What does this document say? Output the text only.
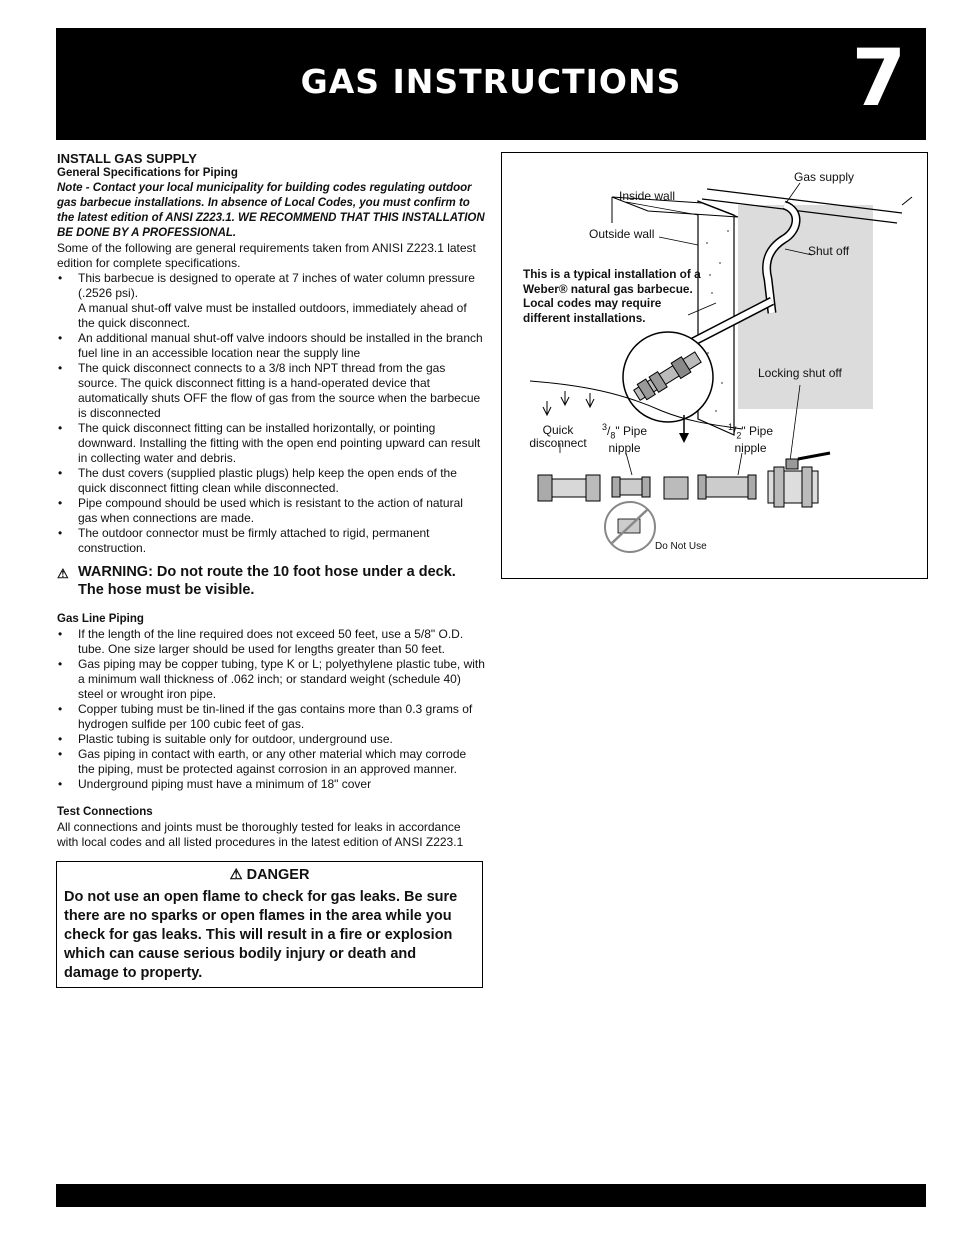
GAS INSTRUCTIONS	7
INSTALL GAS SUPPLY
General Specifications for Piping
Note - Contact your local municipality for building codes regulating outdoor gas barbecue installations. In absence of Local Codes, you must confirm to the latest edition of ANSI Z223.1. WE RECOMMEND THAT THIS INSTALLATION BE DONE BY A PROFESSIONAL.
Some of the following are general requirements taken from ANISI Z223.1 latest edition for complete specifications.
• This barbecue is designed to operate at 7 inches of water column pressure (.2526 psi).
A manual shut-off valve must be installed outdoors, immediately ahead of the quick disconnect.
• An additional manual shut-off valve indoors should be installed in the branch fuel line in an accessible location near the supply line
• The quick disconnect connects to a 3/8 inch NPT thread from the gas source. The quick disconnect fitting is a hand-operated device that automatically shuts OFF the flow of gas from the source when the barbecue is disconnected
• The quick disconnect fitting can be installed horizontally, or pointing downward. Installing the fitting with the open end pointing upward can result in collecting water and debris.
• The dust covers (supplied plastic plugs) help keep the open ends of the quick disconnect fitting clean while disconnected.
• Pipe compound should be used which is resistant to the action of natural gas when connections are made.
• The outdoor connector must be firmly attached to rigid, permanent construction.
⚠ WARNING: Do not route the 10 foot hose under a deck. The hose must be visible.
Gas Line Piping
• If the length of the line required does not exceed 50 feet, use a 5/8" O.D. tube. One size larger should be used for lengths greater than 50 feet.
• Gas piping may be copper tubing, type K or L; polyethylene plastic tube, with a minimum wall thickness of .062 inch; or standard weight (schedule 40) steel or wrought iron pipe.
• Copper tubing must be tin-lined if the gas contains more than 0.3 grams of hydrogen sulfide per 100 cubic feet of gas.
• Plastic tubing is suitable only for outdoor, underground use.
• Gas piping in contact with earth, or any other material which may corrode the piping, must be protected against corrosion in an approved manner.
• Underground piping must have a minimum of 18" cover
Test Connections
All connections and joints must be thoroughly tested for leaks in accordance with local codes and all listed procedures in the latest edition of ANSI Z223.1
⚠ DANGER
Do not use an open flame to check for gas leaks. Be sure there are no sparks or open flames in the area while you check for gas leaks. This will result in a fire or explosion which can cause serious bodily injury or death and damage to property.
Gas supply
Inside wall
Outside wall
Shut off
Locking shut off
This is a typical installation of a Weber® natural gas barbecue. Local codes may require different installations.
Quick disconnect
$^3/_8$" Pipe
nipple
$^1/_2$" Pipe
nipple
Do Not Use
